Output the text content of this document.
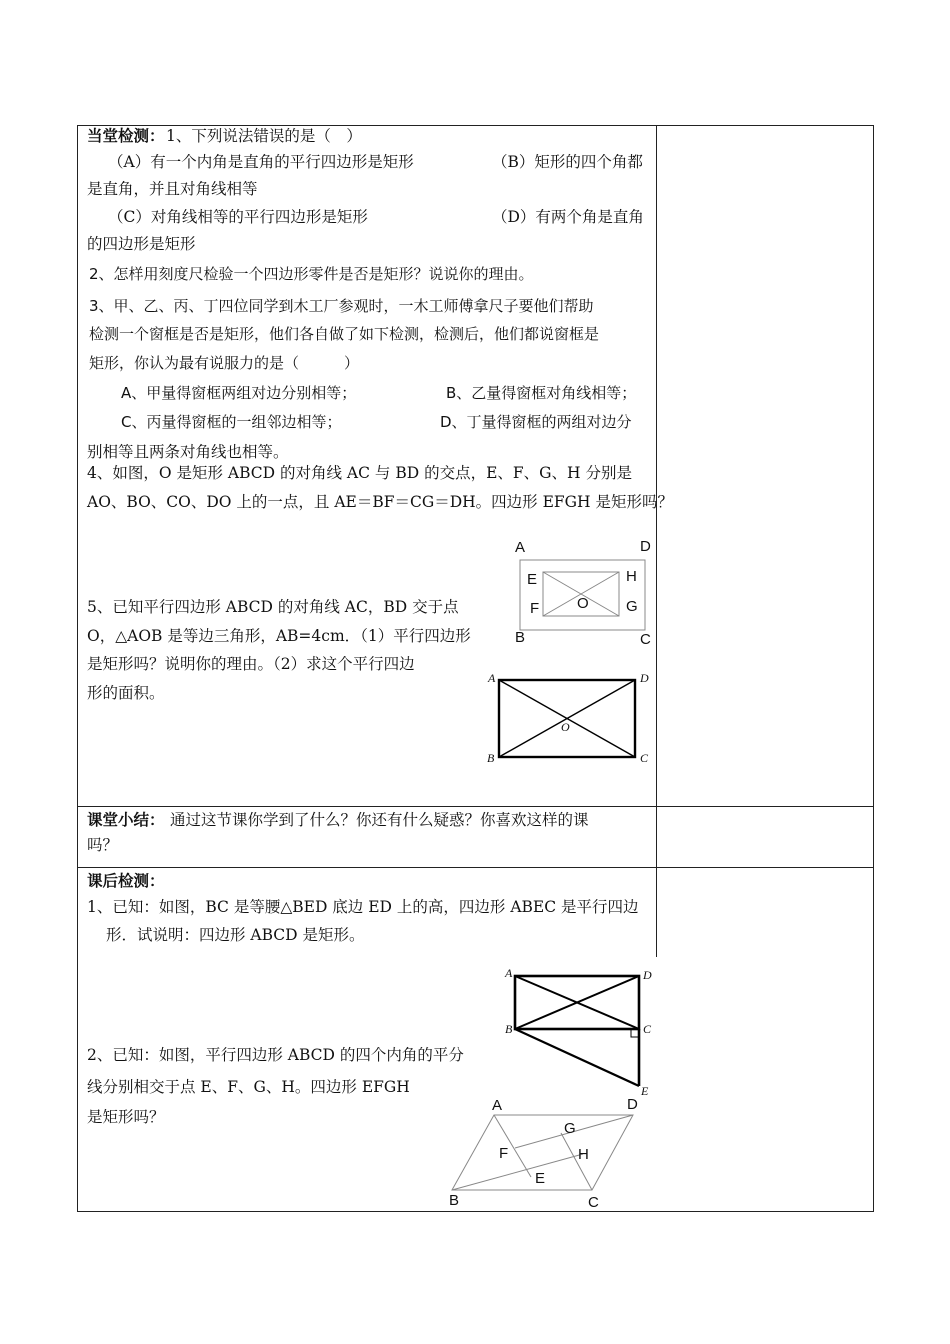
当堂检测： 1、下列说法错误的是（　）
（A）有一个内角是直角的平行四边形是矩形	（B）矩形的四个角都
是直角，并且对角线相等
（C）对角线相等的平行四边形是矩形	（D）有两个角是直角
的四边形是矩形
2、怎样用刻度尺检验一个四边形零件是否是矩形？说说你的理由。
3、甲、乙、丙、丁四位同学到木工厂参观时，一木工师傅拿尺子要他们帮助
检测一个窗框是否是矩形，他们各自做了如下检测，检测后，他们都说窗框是
矩形，你认为最有说服力的是（　　　）
A、甲量得窗框两组对边分别相等；	B、乙量得窗框对角线相等；
C、丙量得窗框的一组邻边相等；	D、丁量得窗框的两组对边分
别相等且两条对角线也相等。
4、如图，O 是矩形 ABCD 的对角线 AC 与 BD 的交点，E、F、G、H 分别是
AO、BO、CO、DO 上的一点，且 AE＝BF＝CG＝DH。四边形 EFGH 是矩形吗？
A	D
E	H
F	O G
B	C
5、已知平行四边形 ABCD 的对角线 AC，BD 交于点
O，△AOB 是等边三角形，AB=4cm．（1）平行四边形
是矩形吗？说明你的理由。（2）求这个平行四边
形的面积。
A	D
O
B	C
课堂小结： 通过这节课你学到了什么？你还有什么疑惑？你喜欢这样的课
吗？
课后检测：
1、已知：如图，BC 是等腰△BED 底边 ED 上的高，四边形 ABEC 是平行四边
形．试说明：四边形 ABCD 是矩形。
A	D
B	C
E
2、已知：如图，平行四边形 ABCD 的四个内角的平分
线分别相交于点 E、F、G、H。四边形 EFGH
是矩形吗？
A	D
G
F	H
E
B	C
